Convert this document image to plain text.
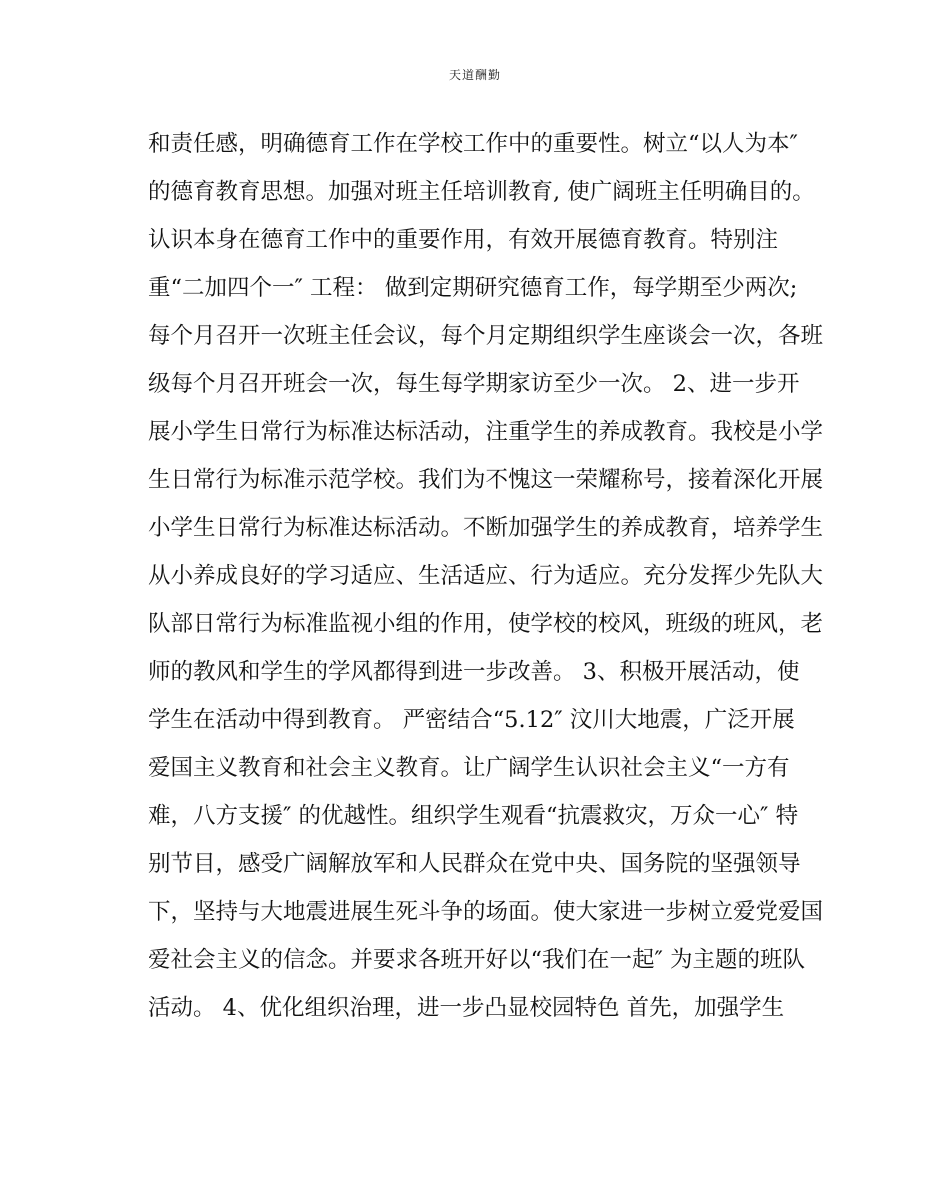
天道酬勤
和责任感，明确德育工作在学校工作中的重要性。树立“以人为本″
的德育教育思想。加强对班主任培训教育, 使广阔班主任明确目的。
认识本身在德育工作中的重要作用，有效开展德育教育。特别注
重“二加四个一″ 工程： 做到定期研究德育工作，每学期至少两次;
每个月召开一次班主任会议，每个月定期组织学生座谈会一次，各班
级每个月召开班会一次，每生每学期家访至少一次。 2、进一步开
展小学生日常行为标准达标活动，注重学生的养成教育。我校是小学
生日常行为标准示范学校。我们为不愧这一荣耀称号，接着深化开展
小学生日常行为标准达标活动。不断加强学生的养成教育，培养学生
从小养成良好的学习适应、生活适应、行为适应。充分发挥少先队大
队部日常行为标准监视小组的作用，使学校的校风，班级的班风，老
师的教风和学生的学风都得到进一步改善。 3、积极开展活动，使
学生在活动中得到教育。 严密结合“5.12″ 汶川大地震，广泛开展
爱国主义教育和社会主义教育。让广阔学生认识社会主义“一方有
难，八方支援″ 的优越性。组织学生观看“抗震救灾，万众一心″ 特
别节目，感受广阔解放军和人民群众在党中央、国务院的坚强领导
下，坚持与大地震进展生死斗争的场面。使大家进一步树立爱党爱国
爱社会主义的信念。并要求各班开好以“我们在一起″ 为主题的班队
活动。 4、优化组织治理，进一步凸显校园特色 首先，加强学生
